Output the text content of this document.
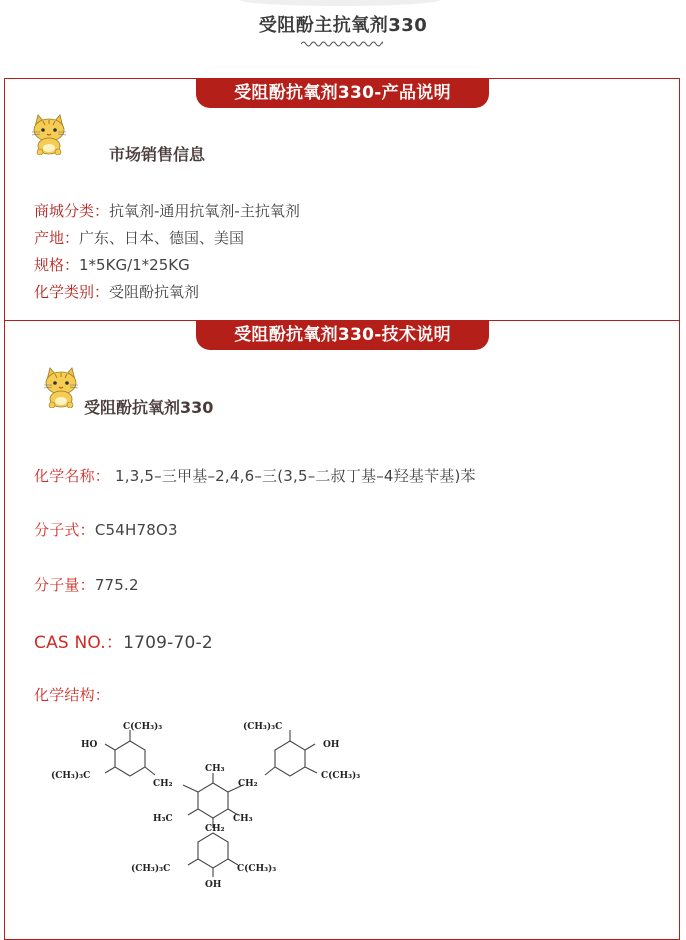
受阻酚主抗氧剂330
受阻酚抗氧剂330-产品说明
市场销售信息
商城分类：抗氧剂-通用抗氧剂-主抗氧剂
产地：广东、日本、德国、美国
规格：1*5KG/1*25KG
化学类别：受阻酚抗氧剂
受阻酚抗氧剂330-技术说明
受阻酚抗氧剂330
化学名称： 1,3,5–三甲基–2,4,6–三(3,5–二叔丁基–4羟基苄基)苯
分子式：C54H78O3
分子量：775.2
CAS NO.：1709-70-2
化学结构：
C(CH₃)₃
HO
(CH₃)₃C
CH₂
(CH₃)₃C
OH
C(CH₃)₃
CH₂
CH₃
H₃C	CH₃
CH₂
(CH₃)₃C	C(CH₃)₃
OH
